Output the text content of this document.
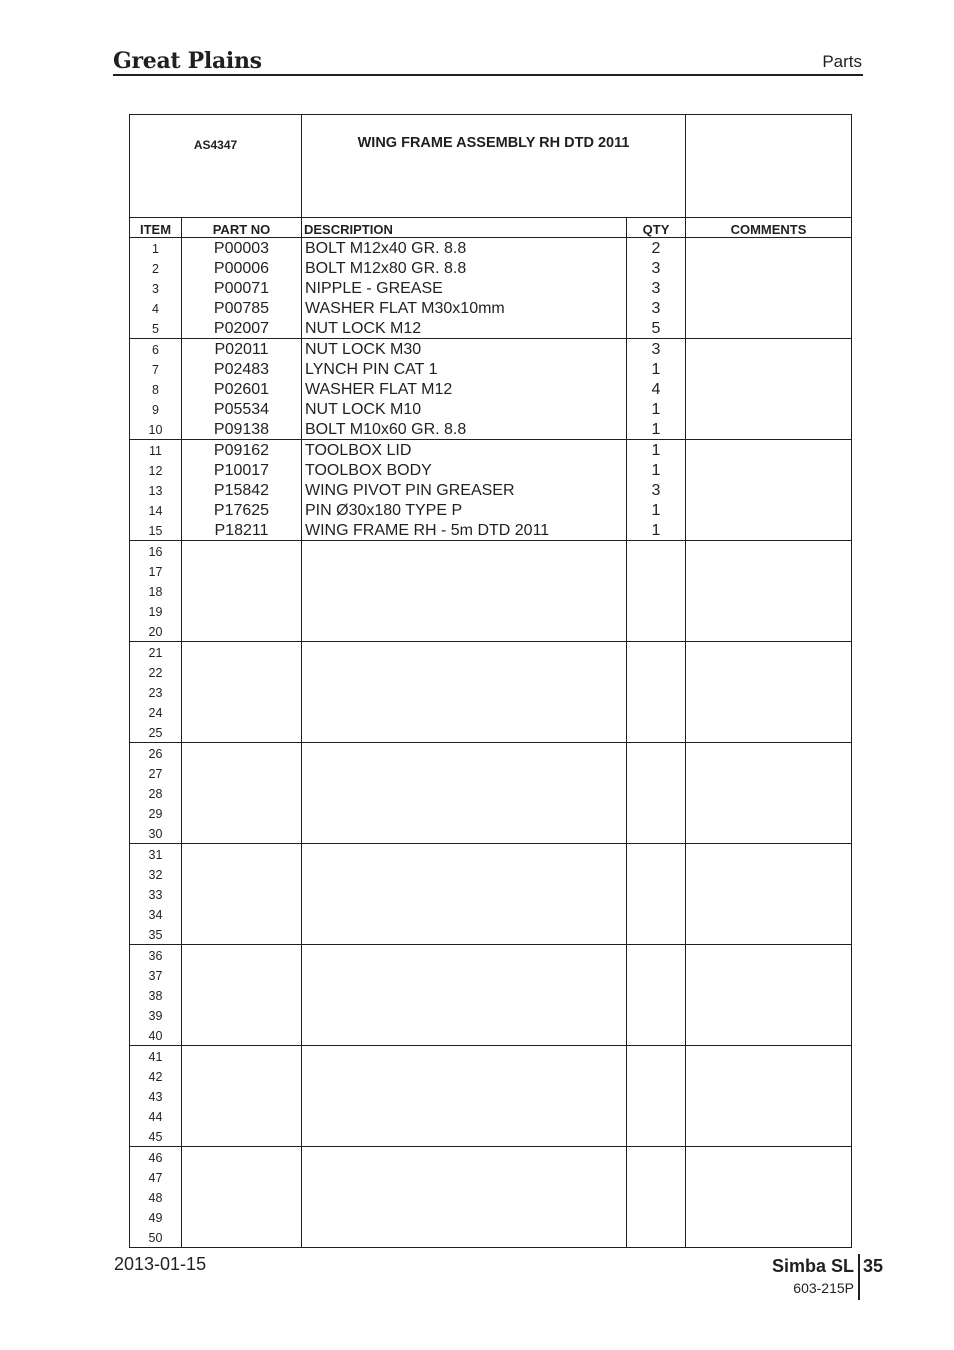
Great Plains	Parts
AS4347		WING FRAME ASSEMBLY RH DTD 2011		
ITEM	PART NO	DESCRIPTION	QTY	COMMENTS
1	P00003	BOLT M12x40 GR. 8.8	2	
2	P00006	BOLT M12x80 GR. 8.8	3	
3	P00071	NIPPLE - GREASE	3	
4	P00785	WASHER FLAT M30x10mm	3	
5	P02007	NUT LOCK M12	5	
6	P02011	NUT LOCK M30	3	
7	P02483	LYNCH PIN CAT 1	1	
8	P02601	WASHER FLAT M12	4	
9	P05534	NUT LOCK M10	1	
10	P09138	BOLT M10x60 GR. 8.8	1	
11	P09162	TOOLBOX LID	1	
12	P10017	TOOLBOX BODY	1	
13	P15842	WING PIVOT PIN GREASER	3	
14	P17625	PIN Ø30x180 TYPE P	1	
15	P18211	WING FRAME RH - 5m DTD 2011	1	
16				
17				
18				
19				
20				
21				
22				
23				
24				
25				
26				
27				
28				
29				
30				
31				
32				
33				
34				
35				
36				
37				
38				
39				
40				
41				
42				
43				
44				
45				
46				
47				
48				
49				
50				
2013-01-15	Simba SL 35
603-215P
